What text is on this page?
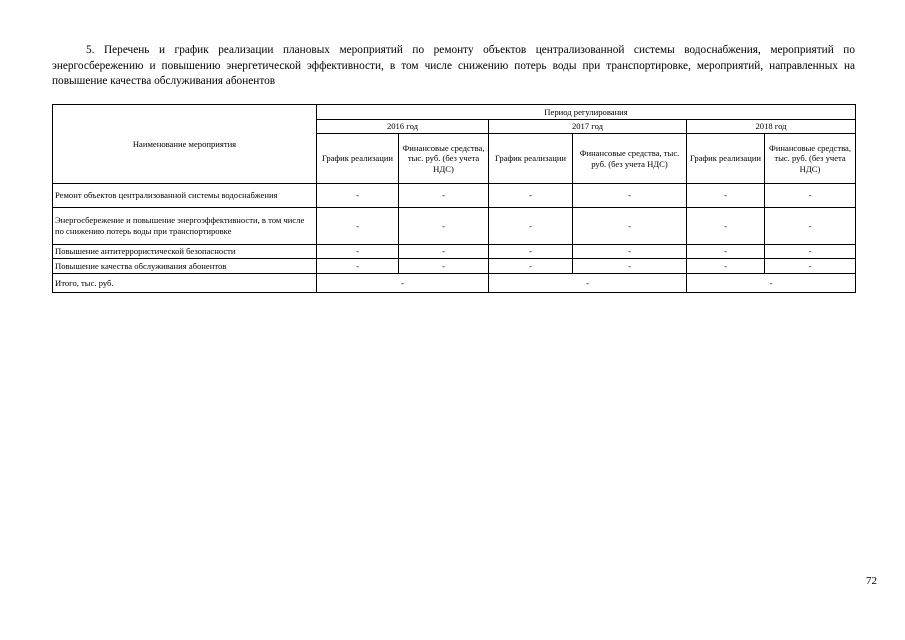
5. Перечень и график реализации плановых мероприятий по ремонту объектов централизованной системы водоснабжения, мероприятий по энергосбережению и повышению энергетической эффективности, в том числе снижению потерь воды при транспортировке, мероприятий, направленных на повышение качества обслуживания абонентов
Наименование мероприятия	Период регулирования					
	2016 год		2017 год		2018 год	
	График реализации	Финансовые средства, тыс. руб. (без учета НДС)	График реализации	Финансовые средства, тыс. руб. (без учета НДС)	График реализации	Финансовые средства, тыс. руб. (без учета НДС)
Ремонт объектов централизованной системы водоснабжения	-	-	-	-	-	-
Энергосбережение и повышение энергоэффективности, в том числе по снижению потерь воды при транспортировке	-	-	-	-	-	-
Повышение антитеррористической безопасности	-	-	-	-	-	-
Повышение качества обслуживания абонентов	-	-	-	-	-	-
Итого, тыс. руб.	-		-		-	
72
